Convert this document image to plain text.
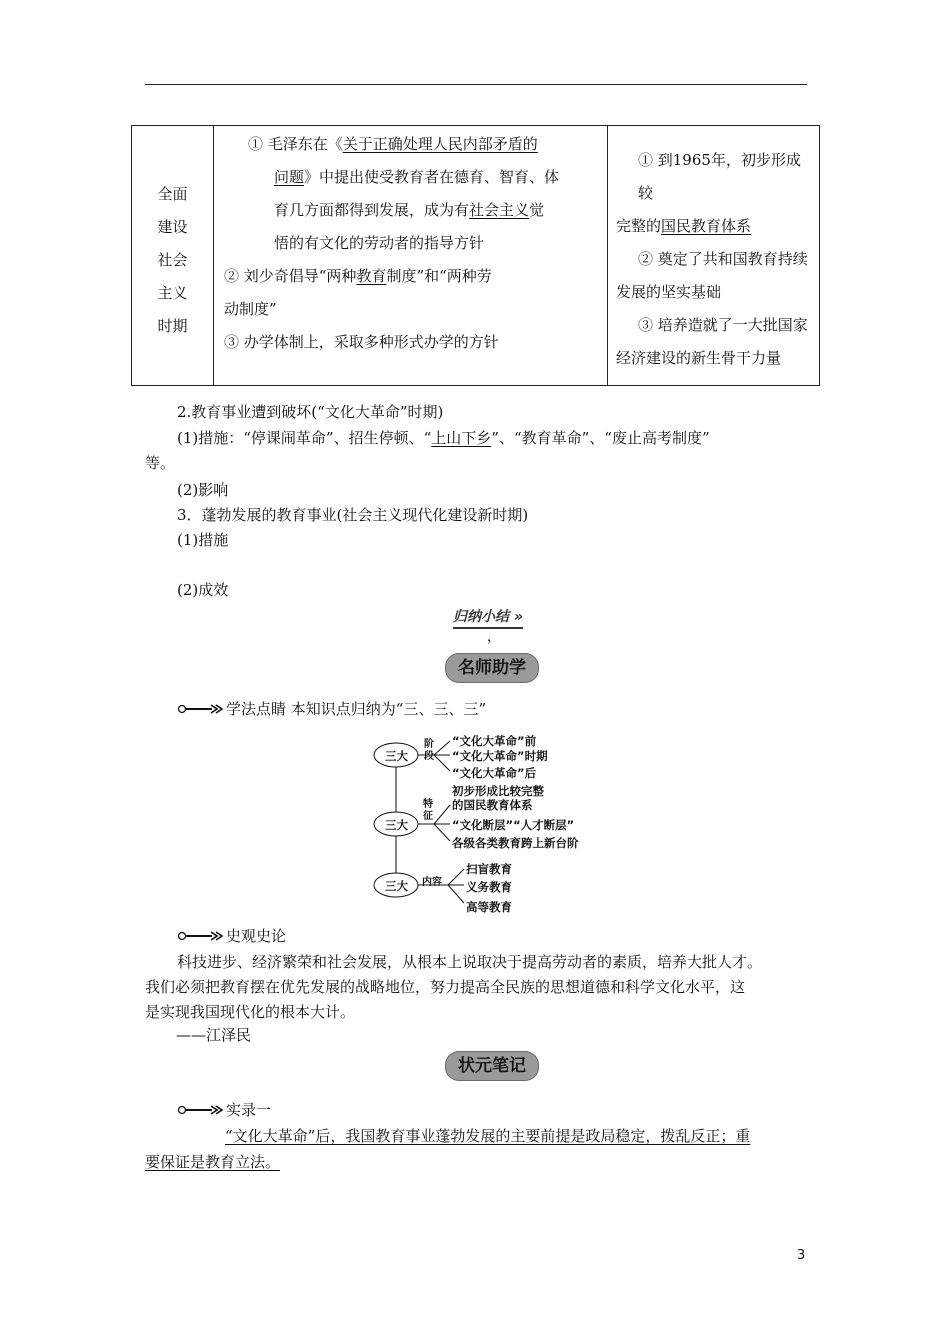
全面
建设
社会
主义
时期

① 毛泽东在《关于正确处理人民内部矛盾的
问题》中提出使受教育者在德育、智育、体
育几方面都得到发展，成为有社会主义觉
悟的有文化的劳动者的指导方针
② 刘少奇倡导“两种教育制度”和“两种劳
动制度”
③ 办学体制上，采取多种形式办学的方针

① 到1965年，初步形成较
完整的国民教育体系
② 奠定了共和国教育持续
发展的坚实基础
③ 培养造就了一大批国家
经济建设的新生骨干力量
2.教育事业遭到破坏(“文化大革命”时期)
(1)措施：“停课闹革命”、招生停顿、“上山下乡”、“教育革命”、“废止高考制度”
等。
(2)影响
3．蓬勃发展的教育事业(社会主义现代化建设新时期)
(1)措施
(2)成效
归纳小结 »
，
名师助学
学法点睛 本知识点归纳为“三、三、三”
三大
三大
三大
阶
段
“文化大革命”前
“文化大革命”时期
“文化大革命”后
特
征
初步形成比较完整
的国民教育体系
“文化断层”“人才断层”
各级各类教育跨上新台阶
内容
扫盲教育
义务教育
高等教育
史观史论
科技进步、经济繁荣和社会发展，从根本上说取决于提高劳动者的素质，培养大批人才。
我们必须把教育摆在优先发展的战略地位，努力提高全民族的思想道德和科学文化水平，这
是实现我国现代化的根本大计。
——江泽民
状元笔记
实录一
“文化大革命”后，我国教育事业蓬勃发展的主要前提是政局稳定，拨乱反正；重
要保证是教育立法。
3
